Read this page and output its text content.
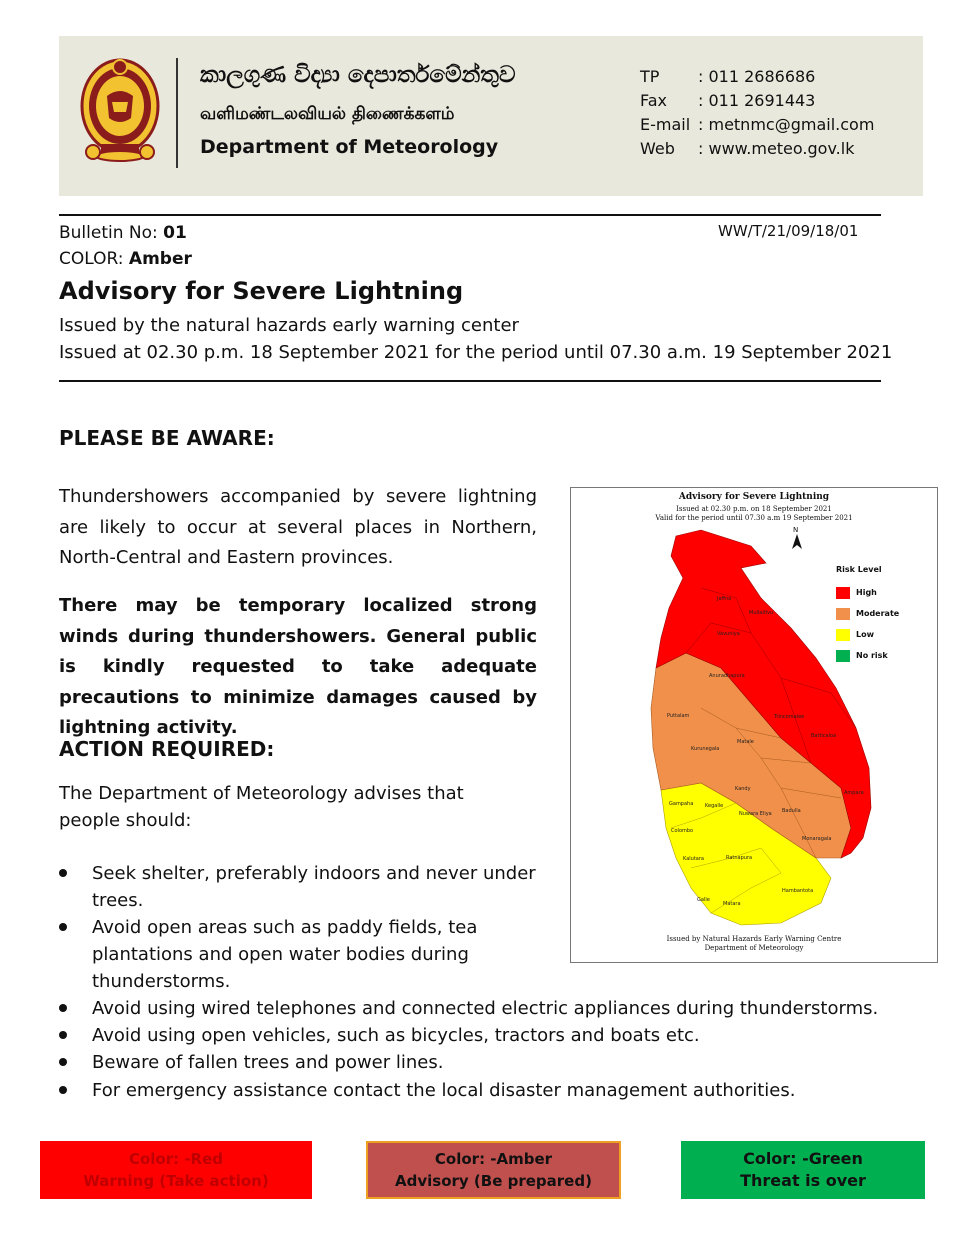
කාලගුණ විද්‍යා දෙපාර්තමේන්තුව
வளிமண்டலவியல் திணைக்களம்
Department of Meteorology
TP : 011 2686686
Fax : 011 2691443
E-mail : metnmc@gmail.com
Web : www.meteo.gov.lk
Bulletin No: 01
COLOR: Amber
WW/T/21/09/18/01
Advisory for Severe Lightning
Issued by the natural hazards early warning center
Issued at 02.30 p.m. 18 September 2021 for the period until 07.30 a.m. 19 September 2021
PLEASE BE AWARE:
Thundershowers accompanied by severe lightning are likely to occur at several places in Northern, North-Central and Eastern provinces.
There may be temporary localized strong winds during thundershowers. General public is kindly requested to take adequate precautions to minimize damages caused by lightning activity.
ACTION REQUIRED:
The Department of Meteorology advises that people should:
Advisory for Severe Lightning
Issued at 02.30 p.m. on 18 September 2021
Valid for the period until 07.30 a.m 19 September 2021
N
Jaffna
Mullaitivu
Vavuniya
Anuradhapura
Puttalam	Trincomalee
Batticaloa
Kurunegala
Matale
Kandy
Gampaha Kegalle
Nuwara Eliya Badulla
Ampara
Colombo
Monaragala
Kalutara	Ratnapura
Hambantota
Galle
Matara
Risk Level
High
Moderate
Low
No risk
Issued by Natural Hazards Early Warning Centre
Department of Meteorology
Seek shelter, preferably indoors and never under
trees.
Avoid open areas such as paddy fields, tea
plantations and open water bodies during
thunderstorms.
Avoid using wired telephones and connected electric appliances during thunderstorms.
Avoid using open vehicles, such as bicycles, tractors and boats etc.
Beware of fallen trees and power lines.
For emergency assistance contact the local disaster management authorities.
Color: -Red
Warning (Take action)
Color: -Amber
Advisory (Be prepared)
Color: -Green
Threat is over
